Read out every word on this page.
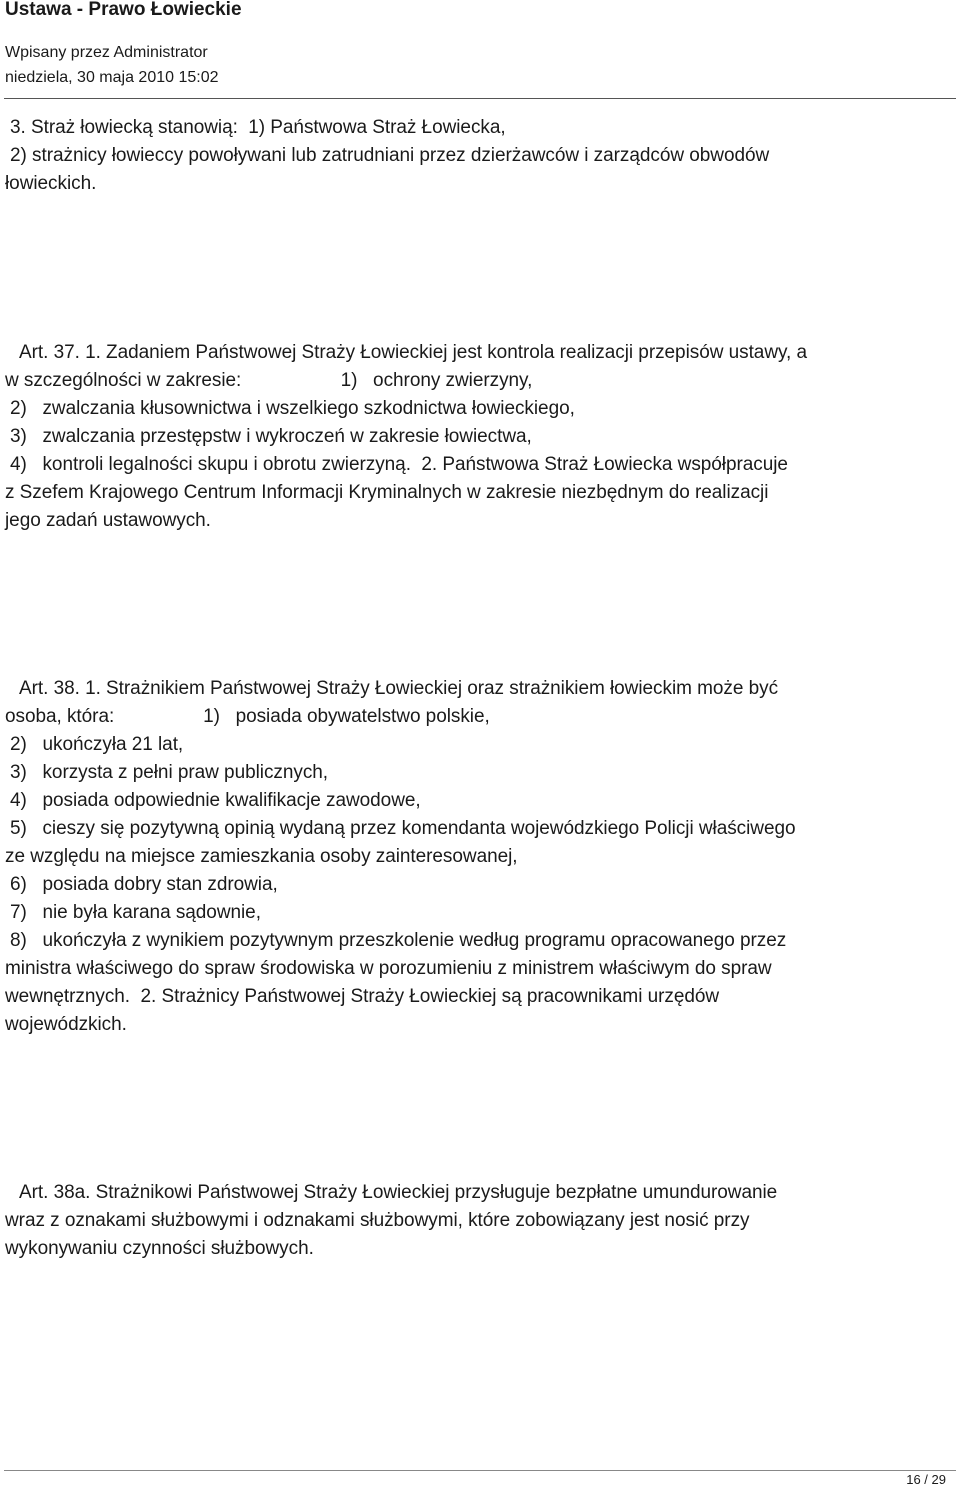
Ustawa - Prawo Łowieckie
Wpisany przez Administrator
niedziela, 30 maja 2010 15:02
3. Straż łowiecką stanowią:  1) Państwowa Straż Łowiecka,
2) strażnicy łowieccy powoływani lub zatrudniani przez dzierżawców i zarządców obwodów
łowieckich.
Art. 37. 1. Zadaniem Państwowej Straży Łowieckiej jest kontrola realizacji przepisów ustawy, a
w szczególności w zakresie:                   1)   ochrony zwierzyny,
2)   zwalczania kłusownictwa i wszelkiego szkodnictwa łowieckiego,
3)   zwalczania przestępstw i wykroczeń w zakresie łowiectwa,
4)   kontroli legalności skupu i obrotu zwierzyną.  2. Państwowa Straż Łowiecka współpracuje
z Szefem Krajowego Centrum Informacji Kryminalnych w zakresie niezbędnym do realizacji
jego zadań ustawowych.
Art. 38. 1. Strażnikiem Państwowej Straży Łowieckiej oraz strażnikiem łowieckim może być
osoba, która:                 1)   posiada obywatelstwo polskie,
2)   ukończyła 21 lat,
3)   korzysta z pełni praw publicznych,
4)   posiada odpowiednie kwalifikacje zawodowe,
5)   cieszy się pozytywną opinią wydaną przez komendanta wojewódzkiego Policji właściwego
ze względu na miejsce zamieszkania osoby zainteresowanej,
6)   posiada dobry stan zdrowia,
7)   nie była karana sądownie,
8)   ukończyła z wynikiem pozytywnym przeszkolenie według programu opracowanego przez
ministra właściwego do spraw środowiska w porozumieniu z ministrem właściwym do spraw
wewnętrznych.  2. Strażnicy Państwowej Straży Łowieckiej są pracownikami urzędów
wojewódzkich.
Art. 38a. Strażnikowi Państwowej Straży Łowieckiej przysługuje bezpłatne umundurowanie
wraz z oznakami służbowymi i odznakami służbowymi, które zobowiązany jest nosić przy
wykonywaniu czynności służbowych.
16 / 29
